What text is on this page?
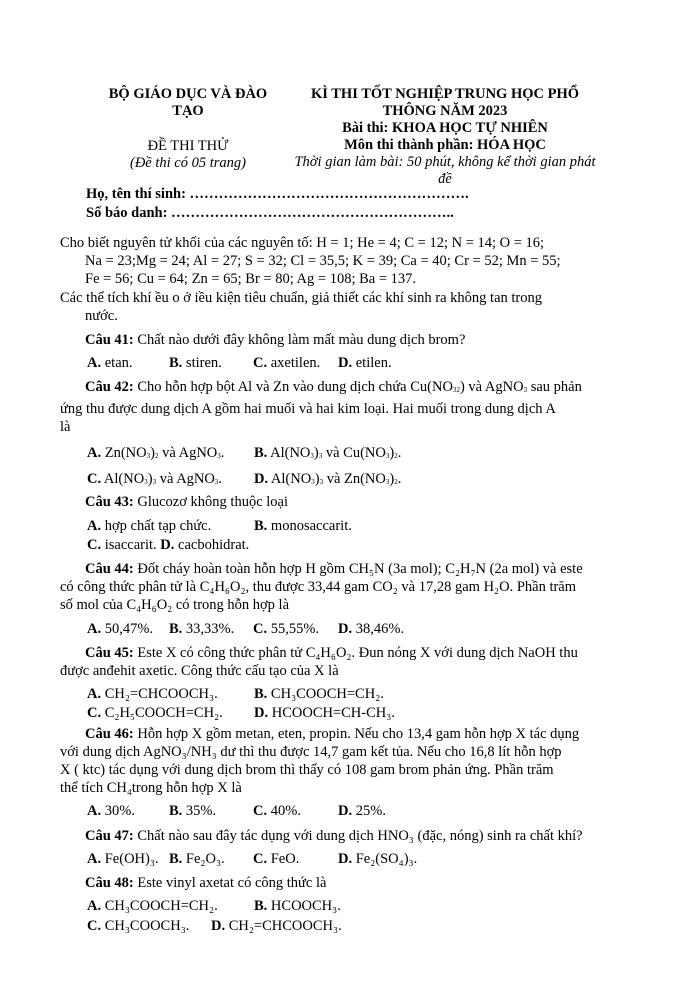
BỘ GIÁO DỤC VÀ ĐÀO
TẠO
ĐỀ THI THỬ
(Đề thi có 05 trang)
KÌ THI TỐT NGHIỆP TRUNG HỌC PHỔ
THÔNG NĂM 2023
Bài thi: KHOA HỌC TỰ NHIÊN
Môn thi thành phần: HÓA HỌC
Thời gian làm bài: 50 phút, không kể thời gian phát đề
Họ, tên thí sinh: ………………………………………………….
Số báo danh: …………………………………………………..

Cho biết nguyên tử khối của các nguyên tố: H = 1; He = 4; C = 12; N = 14; O = 16;

Na = 23;Mg = 24; Al = 27; S = 32; Cl = 35,5; K = 39; Ca = 40; Cr = 52; Mn = 55;

Fe = 56; Cu = 64; Zn = 65; Br = 80; Ag = 108; Ba = 137.

Các thể tích khí ều o ở iều kiện tiêu chuẩn, giả thiết các khí sinh ra không tan trong

nước.

Câu 41: Chất nào dưới đây không làm mất màu dung dịch brom?
A. etan.	B. stiren. C. axetilen. D. etilen.
Câu 42: Cho hỗn hợp bột Al và Zn vào dung dịch chứa $Cu(NO_{32})$ và AgNO$_3$ sau phản

ứng thu được dung dịch A gồm hai muối và hai kim loại. Hai muối trong dung dịch A

là

A. $Zn(NO_3)_2$ và AgNO$_3$. B. $Al(NO_3)_3$ và $Cu(NO_3)_2$.
C. $Al(NO_3)_3$ và AgNO$_3$. D. $Al(NO_3)_3$ và $Zn(NO_3)_2$.
Câu 43: Glucozơ không thuộc loại
A. hợp chất tạp chức.	B. monosaccarit.
C. isaccarit. D. cacbohidrat.
Câu 44: Đốt cháy hoàn toàn hỗn hợp H gồm CH₅N (3a mol); C₂H₇N (2a mol) và este

có công thức phân tử là C₄H₆O₂, thu được 33,44 gam CO₂ và 17,28 gam H₂O. Phần trăm

số mol của C₄H₆O₂ có trong hỗn hợp là

A. 50,47%. B. 33,33%. C. 55,55%. D. 38,46%.
Câu 45: Este X có công thức phân tử C₄H₆O₂. Đun nóng X với dung dịch NaOH thu

được anđehit axetic. Công thức cấu tạo của X là

A. CH₂=CHCOOCH₃.	B. CH₃COOCH=CH₂.
C. C₂H₅COOCH=CH₂. D. HCOOCH=CH-CH₃.
Câu 46: Hỗn hợp X gồm metan, eten, propin. Nếu cho 13,4 gam hỗn hợp X tác dụng

với dung dịch AgNO₃/NH₃ dư thì thu được 14,7 gam kết tủa. Nếu cho 16,8 lít hỗn hợp

X ( ktc) tác dụng với dung dịch brom thì thấy có 108 gam brom phản ứng. Phần trăm

thể tích CH₄trong hỗn hợp X là

A. 30%. B. 35%.	C. 40%.	D. 25%.
Câu 47: Chất nào sau đây tác dụng với dung dịch HNO₃ (đặc, nóng) sinh ra chất khí?
A. Fe(OH)₃. B. Fe₂O₃. C. FeO.	D. Fe₂(SO₄)₃.
Câu 48: Este vinyl axetat có công thức là
A. CH₃COOCH=CH₂.	B. HCOOCH₃.
C. CH₃COOCH₃. D. CH₂=CHCOOCH₃.
